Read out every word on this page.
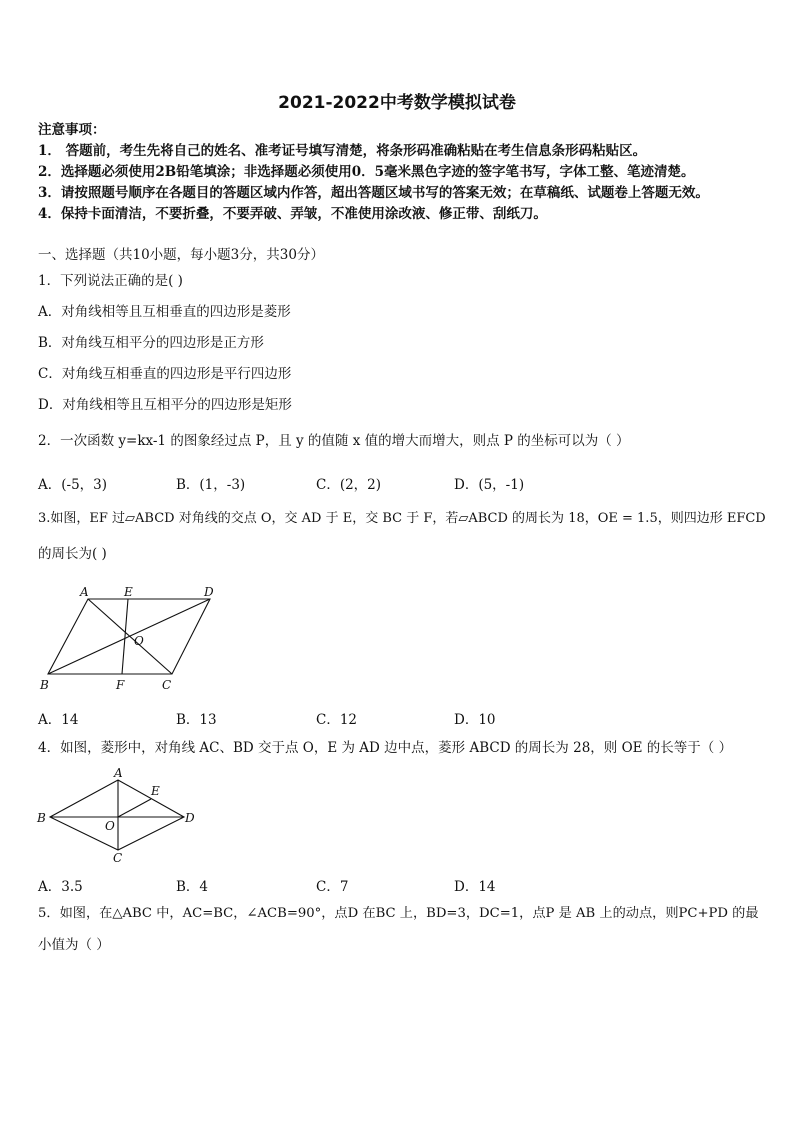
2021-2022中考数学模拟试卷
注意事项：
1． 答题前，考生先将自己的姓名、准考证号填写清楚，将条形码准确粘贴在考生信息条形码粘贴区。
2．选择题必须使用2B铅笔填涂；非选择题必须使用0．5毫米黑色字迹的签字笔书写，字体工整、笔迹清楚。
3．请按照题号顺序在各题目的答题区域内作答，超出答题区域书写的答案无效；在草稿纸、试题卷上答题无效。
4．保持卡面清洁，不要折叠，不要弄破、弄皱，不准使用涂改液、修正带、刮纸刀。
一、选择题（共10小题，每小题3分，共30分）
1．下列说法正确的是( )
A．对角线相等且互相垂直的四边形是菱形
B．对角线互相平分的四边形是正方形
C．对角线互相垂直的四边形是平行四边形
D．对角线相等且互相平分的四边形是矩形
2．一次函数 y=kx-1 的图象经过点 P，且 y 的值随 x 值的增大而增大，则点 P 的坐标可以为（ ）
A．(-5，3)	B．(1，-3)	C．(2，2)	D．(5，-1)
3.如图，EF 过▱ABCD 对角线的交点 O，交 AD 于 E，交 BC 于 F，若▱ABCD 的周长为 18，OE = 1.5，则四边形 EFCD
的周长为( )
A	E	D
O
B	F	C
A．14	B．13	C．12	D．10
4．如图，菱形中，对角线 AC、BD 交于点 O，E 为 AD 边中点，菱形 ABCD 的周长为 28，则 OE 的长等于（ ）
A
E
B
O
D
C
A．3.5	B．4	C．7	D．14
5．如图，在△ABC 中，AC=BC，∠ACB=90°，点D 在BC 上，BD=3，DC=1，点P 是 AB 上的动点，则PC+PD 的最
小值为（ ）
